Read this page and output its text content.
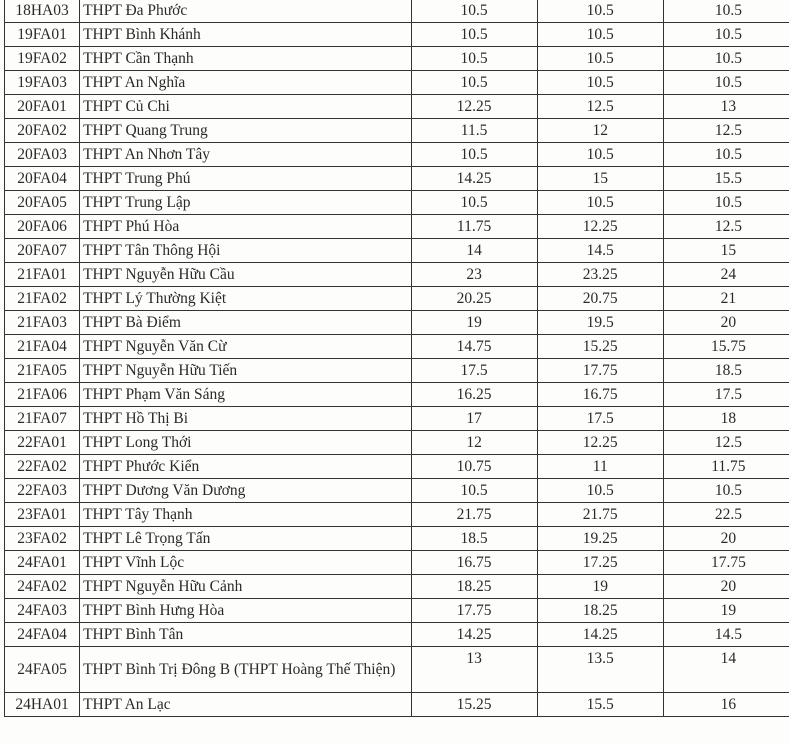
18HA03	THPT Đa Phước	10.5	10.5	10.5
19FA01	THPT Bình Khánh	10.5	10.5	10.5
19FA02	THPT Cần Thạnh	10.5	10.5	10.5
19FA03	THPT An Nghĩa	10.5	10.5	10.5
20FA01	THPT Củ Chi	12.25	12.5	13
20FA02	THPT Quang Trung	11.5	12	12.5
20FA03	THPT An Nhơn Tây	10.5	10.5	10.5
20FA04	THPT Trung Phú	14.25	15	15.5
20FA05	THPT Trung Lập	10.5	10.5	10.5
20FA06	THPT Phú Hòa	11.75	12.25	12.5
20FA07	THPT Tân Thông Hội	14	14.5	15
21FA01	THPT Nguyễn Hữu Cầu	23	23.25	24
21FA02	THPT Lý Thường Kiệt	20.25	20.75	21
21FA03	THPT Bà Điểm	19	19.5	20
21FA04	THPT Nguyễn Văn Cừ	14.75	15.25	15.75
21FA05	THPT Nguyễn Hữu Tiến	17.5	17.75	18.5
21FA06	THPT Phạm Văn Sáng	16.25	16.75	17.5
21FA07	THPT Hồ Thị Bi	17	17.5	18
22FA01	THPT Long Thới	12	12.25	12.5
22FA02	THPT Phước Kiển	10.75	11	11.75
22FA03	THPT Dương Văn Dương	10.5	10.5	10.5
23FA01	THPT Tây Thạnh	21.75	21.75	22.5
23FA02	THPT Lê Trọng Tấn	18.5	19.25	20
24FA01	THPT Vĩnh Lộc	16.75	17.25	17.75
24FA02	THPT Nguyễn Hữu Cảnh	18.25	19	20
24FA03	THPT Bình Hưng Hòa	17.75	18.25	19
24FA04	THPT Bình Tân	14.25	14.25	14.5
24FA05	THPT Bình Trị Đông B (THPT Hoàng Thế Thiện)	13	13.5	14
24HA01	THPT An Lạc	15.25	15.5	16
